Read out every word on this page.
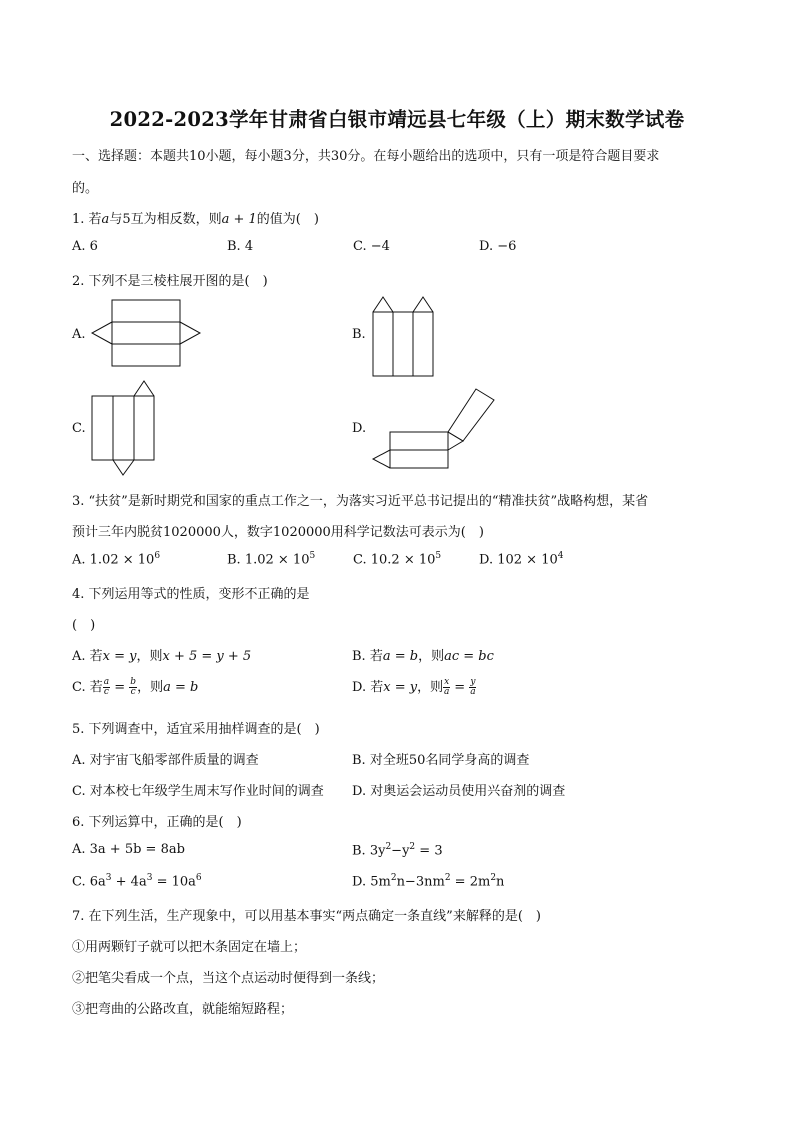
2022-2023学年甘肃省白银市靖远县七年级（上）期末数学试卷
一、选择题：本题共10小题，每小题3分，共30分。在每小题给出的选项中，只有一项是符合题目要求
的。
1. 若a与5互为相反数，则a + 1的值为(　)
A. 6	B. 4	C. −4	D. −6
2. 下列不是三棱柱展开图的是(　)
A.	B.
C.	D.
3. “扶贫”是新时期党和国家的重点工作之一，为落实习近平总书记提出的“精准扶贫”战略构想，某省
预计三年内脱贫1020000人，数字1020000用科学记数法可表示为(　)
A. $1.02 \times 10^6$	B. $1.02 \times 10^5$	C. $10.2 \times 10^5$	D. $102 \times 10^4$
4. 下列运用等式的性质，变形不正确的是
(　)
A. 若x = y，则x + 5 = y + 5	B. 若a = b，则ac = bc
C. 若 $\frac{a}{c} = \frac{b}{c}$ ，则a = b	D. 若x = y，则 $\frac{x}{a} = \frac{y}{a}$
5. 下列调查中，适宜采用抽样调查的是(　)
A. 对宇宙飞船零部件质量的调查	B. 对全班50名同学身高的调查
C. 对本校七年级学生周末写作业时间的调查 D. 对奥运会运动员使用兴奋剂的调查
6. 下列运算中，正确的是(　)
A. 3a + 5b = 8ab	B. $3y^2-y^2 = 3$
C. $6a^3 + 4a^3 = 10a^6$	D. $5m^2n-3nm^2 = 2m^2n$
7. 在下列生活，生产现象中，可以用基本事实“两点确定一条直线”来解释的是(　)
①用两颗钉子就可以把木条固定在墙上；
②把笔尖看成一个点，当这个点运动时便得到一条线；
③把弯曲的公路改直，就能缩短路程；
